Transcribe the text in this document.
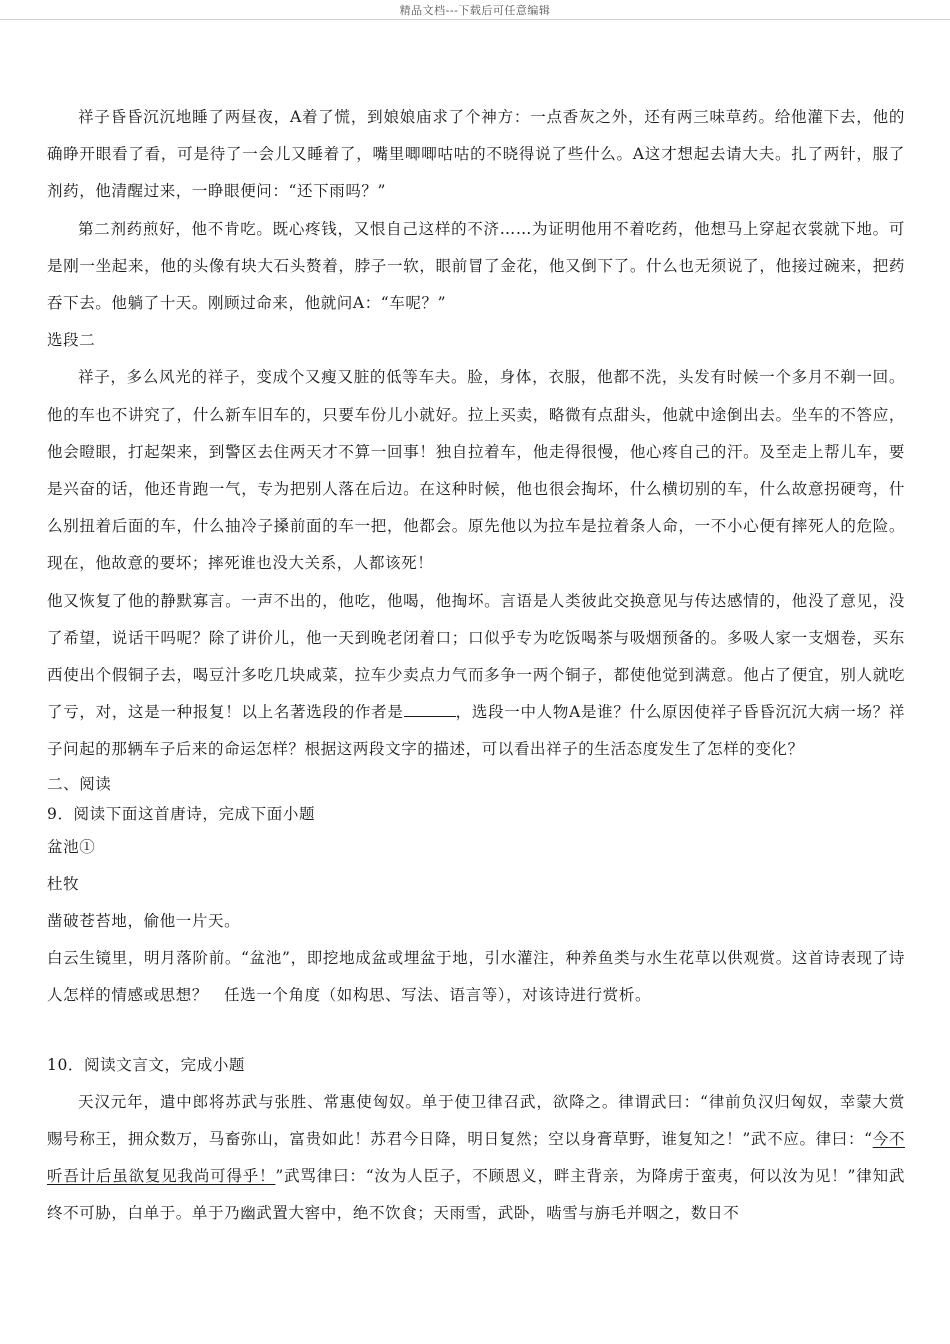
精品文档---下载后可任意编辑

祥子昏昏沉沉地睡了两昼夜，A着了慌，到娘娘庙求了个神方：一点香灰之外，还有两三味草药。给他灌下去，他的确睁开眼看了看，可是待了一会儿又睡着了，嘴里唧唧咕咕的不晓得说了些什么。A这才想起去请大夫。扎了两针，服了剂药，他清醒过来，一睁眼便问：“还下雨吗？”

第二剂药煎好，他不肯吃。既心疼钱，又恨自己这样的不济……为证明他用不着吃药，他想马上穿起衣裳就下地。可是刚一坐起来，他的头像有块大石头赘着，脖子一软，眼前冒了金花，他又倒下了。什么也无须说了，他接过碗来，把药吞下去。他躺了十天。刚顾过命来，他就问A：“车呢？”

选段二

祥子，多么风光的祥子，变成个又瘦又脏的低等车夫。脸，身体，衣服，他都不洗，头发有时候一个多月不剃一回。他的车也不讲究了，什么新车旧车的，只要车份儿小就好。拉上买卖，略微有点甜头，他就中途倒出去。坐车的不答应，他会瞪眼，打起架来，到警区去住两天才不算一回事！独自拉着车，他走得很慢，他心疼自己的汗。及至走上帮儿车，要是兴奋的话，他还肯跑一气，专为把别人落在后边。在这种时候，他也很会掏坏，什么横切别的车，什么故意拐硬弯，什么别扭着后面的车，什么抽冷子搡前面的车一把，他都会。原先他以为拉车是拉着条人命，一不小心便有摔死人的危险。现在，他故意的要坏；摔死谁也没大关系，人都该死！

他又恢复了他的静默寡言。一声不出的，他吃，他喝，他掏坏。言语是人类彼此交换意见与传达感情的，他没了意见，没了希望，说话干吗呢？除了讲价儿，他一天到晚老闭着口；口似乎专为吃饭喝茶与吸烟预备的。多吸人家一支烟卷，买东西使出个假铜子去，喝豆汁多吃几块咸菜，拉车少卖点力气而多争一两个铜子，都使他觉到满意。他占了便宜，别人就吃了亏，对，这是一种报复！以上名著选段的作者是	，选段一中人物A是谁？什么原因使祥子昏昏沉沉大病一场？祥子问起的那辆车子后来的命运怎样？根据这两段文字的描述，可以看出祥子的生活态度发生了怎样的变化？

二、阅读

9．阅读下面这首唐诗，完成下面小题

盆池①

杜牧

凿破苍苔地，偷他一片天。

白云生镜里，明月落阶前。“盆池”，即挖地成盆或埋盆于地，引水灌注，种养鱼类与水生花草以供观赏。这首诗表现了诗人怎样的情感或思想？　任选一个角度（如构思、写法、语言等），对该诗进行赏析。

10．阅读文言文，完成小题

天汉元年，遣中郎将苏武与张胜、常惠使匈奴。单于使卫律召武，欲降之。律谓武曰：“律前负汉归匈奴，幸蒙大赏赐号称王，拥众数万，马畜弥山，富贵如此！苏君今日降，明日复然；空以身膏草野，谁复知之！”武不应。律曰：“今不听吾计后虽欲复见我尚可得乎！”武骂律曰：“汝为人臣子，不顾恩义，畔主背亲，为降虏于蛮夷，何以汝为见！”律知武终不可胁，白单于。单于乃幽武置大窖中，绝不饮食；天雨雪，武卧，啮雪与旃毛并咽之，数日不
